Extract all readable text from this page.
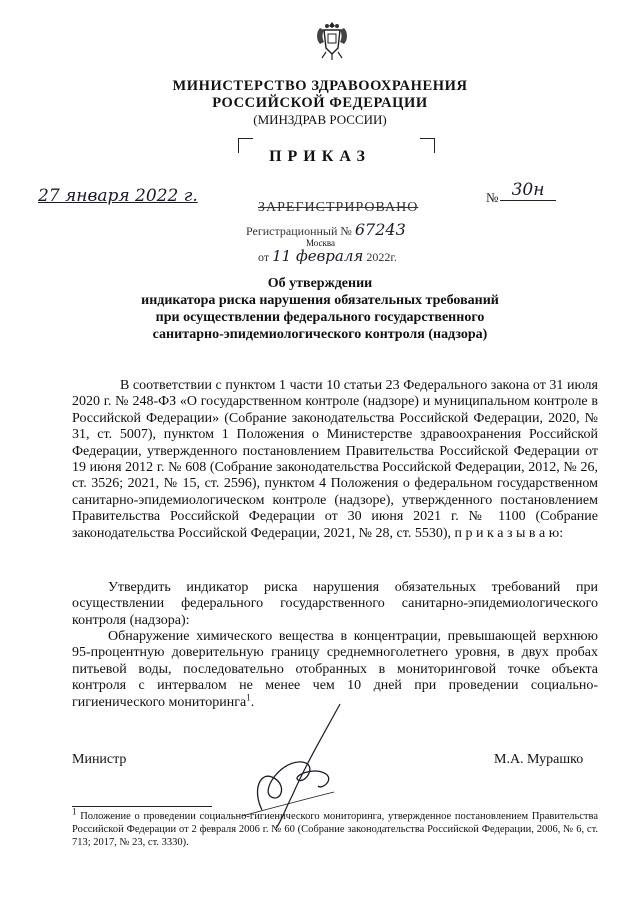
МИНИСТЕРСТВО ЗДРАВООХРАНЕНИЯ
РОССИЙСКОЙ ФЕДЕРАЦИИ
(МИНЗДРАВ РОССИИ)
ПРИКАЗ
27 января 2022 г.	№ 30н
ЗАРЕГИСТРИРОВАНО
Регистрационный № 67243
Москва
от 11 февраля 2022г.
Об утверждении
индикатора риска нарушения обязательных требований
при осуществлении федерального государственного
санитарно-эпидемиологического контроля (надзора)
В соответствии с пунктом 1 части 10 статьи 23 Федерального закона от 31 июля 2020 г. № 248-ФЗ «О государственном контроле (надзоре) и муниципальном контроле в Российской Федерации» (Собрание законодательства Российской Федерации, 2020, № 31, ст. 5007), пунктом 1 Положения о Министерстве здравоохранения Российской Федерации, утвержденного постановлением Правительства Российской Федерации от 19 июня 2012 г. № 608 (Собрание законодательства Российской Федерации, 2012, № 26, ст. 3526; 2021, № 15, ст. 2596), пунктом 4 Положения о федеральном государственном санитарно-эпидемиологическом контроле (надзоре), утвержденного постановлением Правительства Российской Федерации от 30 июня 2021 г. № 1100 (Собрание законодательства Российской Федерации, 2021, № 28, ст. 5530), п р и к а з ы в а ю:
Утвердить индикатор риска нарушения обязательных требований при осуществлении федерального государственного санитарно-эпидемиологического контроля (надзора):
Обнаружение химического вещества в концентрации, превышающей верхнюю 95-процентную доверительную границу среднемноголетнего уровня, в двух пробах питьевой воды, последовательно отобранных в мониторинговой точке объекта контроля с интервалом не менее чем 10 дней при проведении социально-гигиенического мониторинга$^1$.
Министр	М.А. Мурашко
1 Положение о проведении социально-гигиенического мониторинга, утвержденное постановлением Правительства Российской Федерации от 2 февраля 2006 г. № 60 (Собрание законодательства Российской Федерации, 2006, № 6, ст. 713; 2017, № 23, ст. 3330).
